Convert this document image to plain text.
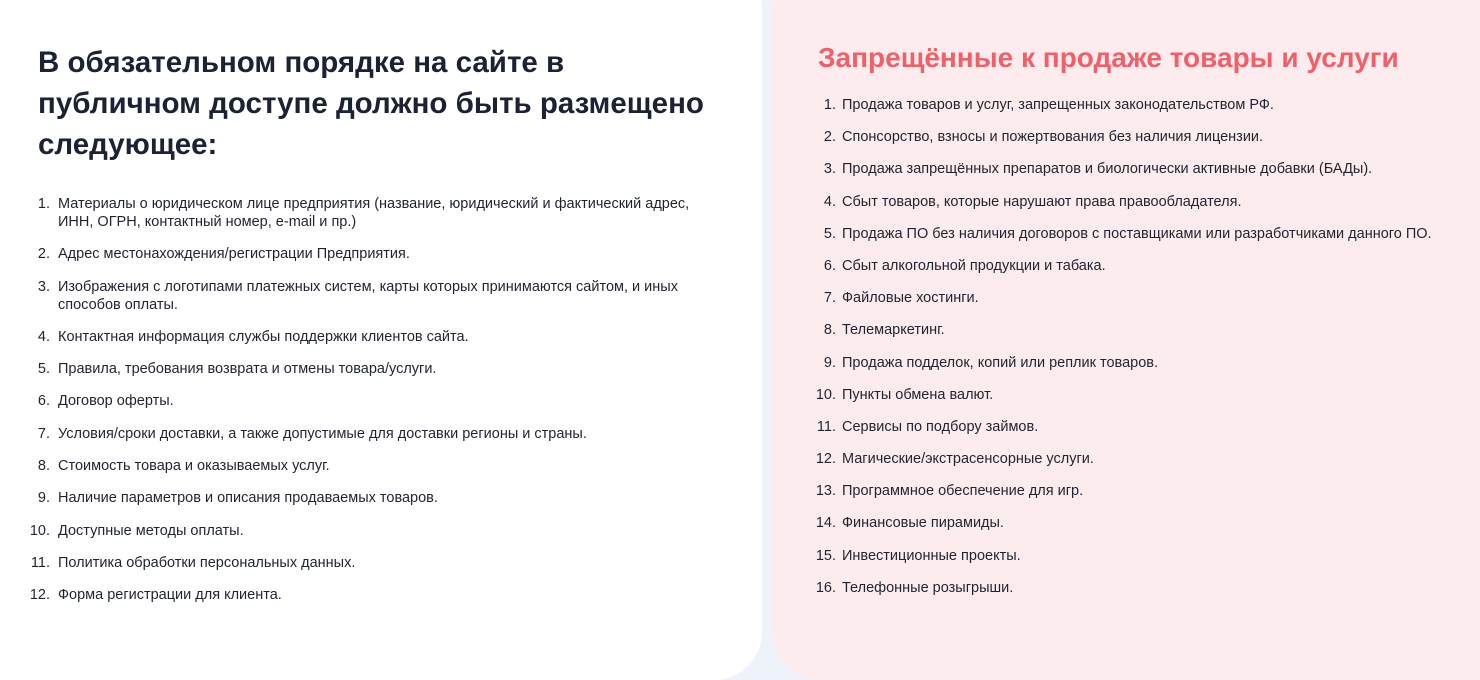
В обязательном порядке на сайте в публичном доступе должно быть размещено следующее:
1. Материалы о юридическом лице предприятия (название, юридический и фактический адрес, ИНН, ОГРН, контактный номер, e-mail и пр.)
2. Адрес местонахождения/регистрации Предприятия.
3. Изображения с логотипами платежных систем, карты которых принимаются сайтом, и иных способов оплаты.
4. Контактная информация службы поддержки клиентов сайта.
5. Правила, требования возврата и отмены товара/услуги.
6. Договор оферты.
7. Условия/сроки доставки, а также допустимые для доставки регионы и страны.
8. Стоимость товара и оказываемых услуг.
9. Наличие параметров и описания продаваемых товаров.
10. Доступные методы оплаты.
11. Политика обработки персональных данных.
12. Форма регистрации для клиента.
Запрещённые к продаже товары и услуги
1. Продажа товаров и услуг, запрещенных законодательством РФ.
2. Спонсорство, взносы и пожертвования без наличия лицензии.
3. Продажа запрещённых препаратов и биологически активные добавки (БАДы).
4. Сбыт товаров, которые нарушают права правообладателя.
5. Продажа ПО без наличия договоров с поставщиками или разработчиками данного ПО.
6. Сбыт алкогольной продукции и табака.
7. Файловые хостинги.
8. Телемаркетинг.
9. Продажа подделок, копий или реплик товаров.
10. Пункты обмена валют.
11. Сервисы по подбору займов.
12. Магические/экстрасенсорные услуги.
13. Программное обеспечение для игр.
14. Финансовые пирамиды.
15. Инвестиционные проекты.
16. Телефонные розыгрыши.
